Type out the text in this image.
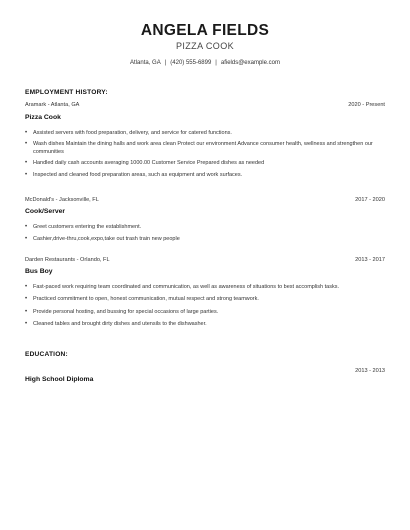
ANGELA FIELDS
PIZZA COOK
Atlanta, GA | (420) 555-6899 | afields@example.com
EMPLOYMENT HISTORY:
Aramark - Atlanta, GA	2020 - Present
Pizza Cook
• Assisted servers with food preparation, delivery, and service for catered functions.
• Wash dishes Maintain the dining halls and work area clean Protect our environment Advance consumer health, wellness and strengthen our communities
• Handled daily cash accounts averaging 1000.00 Customer Service Prepared dishes as needed
• Inspected and cleaned food preparation areas, such as equipment and work surfaces.
McDonald's - Jacksonville, FL	2017 - 2020
Cook/Server
• Greet customers entering the establishment.
• Cashier,drive-thru,cook,expo,take out trash train new people
Darden Restaurants - Orlando, FL	2013 - 2017
Bus Boy
• Fast-paced work requiring team coordinated and communication, as well as awareness of situations to best accomplish tasks.
• Practiced commitment to open, honest communication, mutual respect and strong teamwork.
• Provide personal hosting, and bussing for special occasions of large parties.
• Cleaned tables and brought dirty dishes and utensils to the dishwasher.
EDUCATION:
High School Diploma
2013 - 2013
